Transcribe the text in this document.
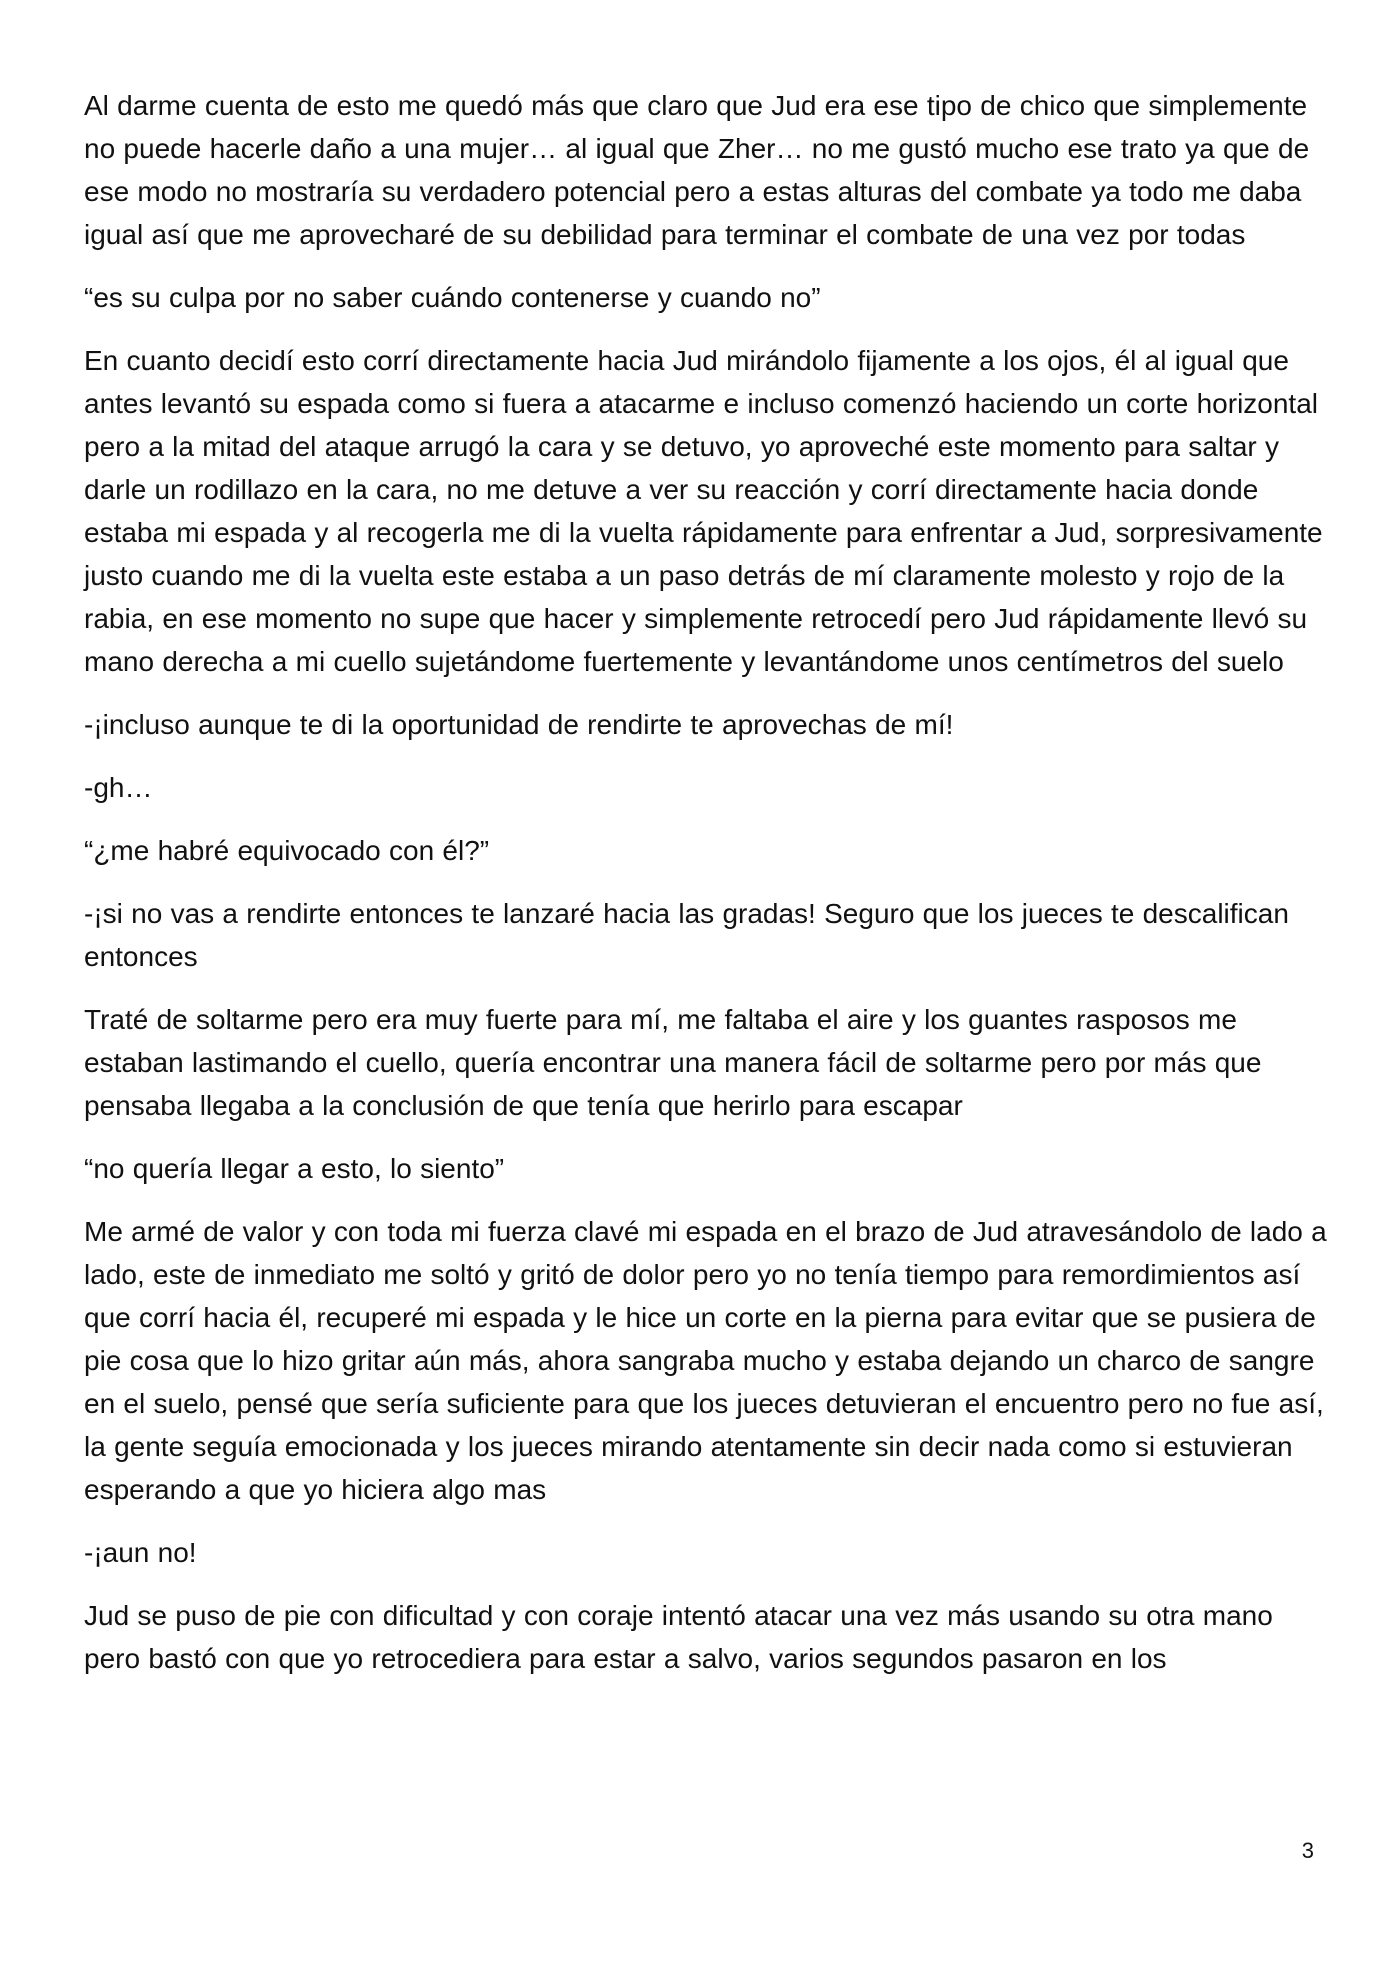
Al darme cuenta de esto me quedó más que claro que Jud era ese tipo de chico que simplemente no puede hacerle daño a una mujer… al igual que Zher… no me gustó mucho ese trato ya que de ese modo no mostraría su verdadero potencial pero a estas alturas del combate ya todo me daba igual así que me aprovecharé de su debilidad para terminar el combate de una vez por todas

“es su culpa por no saber cuándo contenerse y cuando no”

En cuanto decidí esto corrí directamente hacia Jud mirándolo fijamente a los ojos, él al igual que antes levantó su espada como si fuera a atacarme e incluso comenzó haciendo un corte horizontal pero a la mitad del ataque arrugó la cara y se detuvo, yo aproveché este momento para saltar y darle un rodillazo en la cara, no me detuve a ver su reacción y corrí directamente hacia donde estaba mi espada y al recogerla me di la vuelta rápidamente para enfrentar a Jud, sorpresivamente justo cuando me di la vuelta este estaba a un paso detrás de mí claramente molesto y rojo de la rabia, en ese momento no supe que hacer y simplemente retrocedí pero Jud rápidamente llevó su mano derecha a mi cuello sujetándome fuertemente y levantándome unos centímetros del suelo

-¡incluso aunque te di la oportunidad de rendirte te aprovechas de mí!

-gh…

“¿me habré equivocado con él?”

-¡si no vas a rendirte entonces te lanzaré hacia las gradas! Seguro que los jueces te descalifican entonces

Traté de soltarme pero era muy fuerte para mí, me faltaba el aire y los guantes rasposos me estaban lastimando el cuello, quería encontrar una manera fácil de soltarme pero por más que pensaba llegaba a la conclusión de que tenía que herirlo para escapar

“no quería llegar a esto, lo siento”

Me armé de valor y con toda mi fuerza clavé mi espada en el brazo de Jud atravesándolo de lado a lado, este de inmediato me soltó y gritó de dolor pero yo no tenía tiempo para remordimientos así que corrí hacia él, recuperé mi espada y le hice un corte en la pierna para evitar que se pusiera de pie cosa que lo hizo gritar aún más, ahora sangraba mucho y estaba dejando un charco de sangre en el suelo, pensé que sería suficiente para que los jueces detuvieran el encuentro pero no fue así, la gente seguía emocionada y los jueces mirando atentamente sin decir nada como si estuvieran esperando a que yo hiciera algo mas

-¡aun no!

Jud se puso de pie con dificultad y con coraje intentó atacar una vez más usando su otra mano pero bastó con que yo retrocediera para estar a salvo, varios segundos pasaron en los

3
